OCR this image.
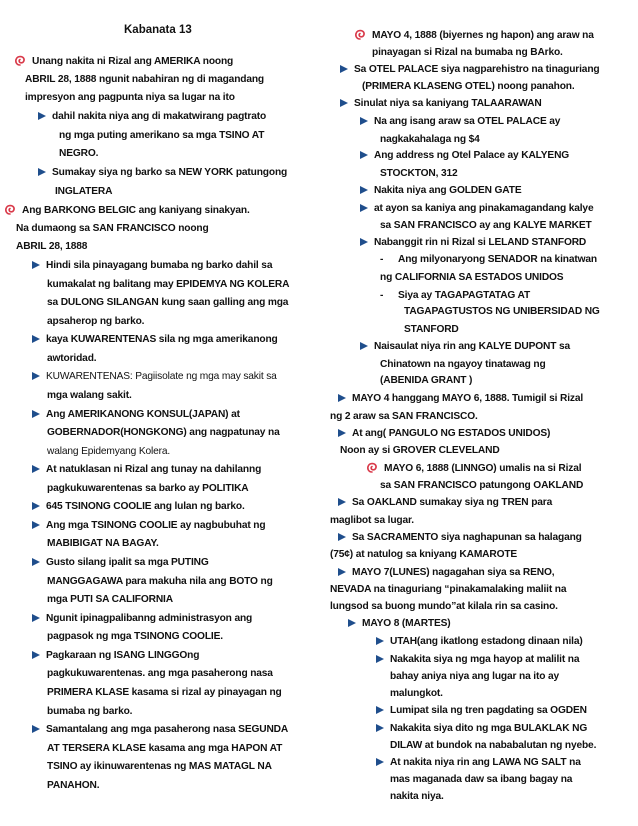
Kabanata 13
Unang nakita ni Rizal ang AMERIKA noong
ABRIL 28, 1888 ngunit nabahiran ng di magandang
impresyon ang pagpunta niya sa lugar na ito
dahil nakita niya ang di makatwirang pagtrato
ng mga puting amerikano sa mga TSINO AT
NEGRO.
Sumakay siya ng barko sa NEW YORK patungong
INGLATERA
Ang BARKONG BELGIC ang kaniyang sinakyan.
Na dumaong sa SAN FRANCISCO noong
ABRIL 28, 1888
Hindi sila pinayagang bumaba ng barko dahil sa
kumakalat ng balitang may EPIDEMYA NG KOLERA
sa DULONG SILANGAN kung saan galling ang mga
apsaherop ng barko.
kaya KUWARENTENAS sila ng mga amerikanong
awtoridad.
KUWARENTENAS: Pagiisolate ng mga may sakit sa
mga walang sakit.
Ang AMERIKANONG KONSUL(JAPAN) at
GOBERNADOR(HONGKONG) ang nagpatunay na
walang Epidemyang Kolera.
At natuklasan ni Rizal ang tunay na dahilanng
pagkukuwarentenas sa barko ay POLITIKA
645 TSINONG COOLIE ang lulan ng barko.
Ang mga TSINONG COOLIE ay nagbubuhat ng
MABIBIGAT NA BAGAY.
Gusto silang ipalit sa mga PUTING
MANGGAGAWA para makuha nila ang BOTO ng
mga PUTI SA CALIFORNIA
Ngunit ipinagpalibanng administrasyon ang
pagpasok ng mga TSINONG COOLIE.
Pagkaraan ng ISANG LINGGOng
pagkukuwarentenas. ang mga pasaherong nasa
PRIMERA KLASE kasama si rizal ay pinayagan ng
bumaba ng barko.
Samantalang ang mga pasaherong nasa SEGUNDA
AT TERSERA KLASE kasama ang mga HAPON AT
TSINO ay ikinuwarentenas ng MAS MATAGL NA
PANAHON.
MAYO 4, 1888 (biyernes ng hapon) ang araw na
pinayagan si Rizal na bumaba ng BArko.
Sa OTEL PALACE siya nagparehistro na tinaguriang
(PRIMERA KLASENG OTEL) noong panahon.
Sinulat niya sa kaniyang TALAARAWAN
Na ang isang araw sa OTEL PALACE ay
nagkakahalaga ng $4
Ang address ng Otel Palace ay KALYENG
STOCKTON, 312
Nakita niya ang GOLDEN GATE
at ayon sa kaniya ang pinakamagandang kalye
sa SAN FRANCISCO ay ang KALYE MARKET
Nabanggit rin ni Rizal si LELAND STANFORD
- Ang milyonaryong SENADOR na kinatwan
ng CALIFORNIA SA ESTADOS UNIDOS
- Siya ay TAGAPAGTATAG AT
TAGAPAGTUSTOS NG UNIBERSIDAD NG
STANFORD
Naisaulat niya rin ang KALYE DUPONT sa
Chinatown na ngayoy tinatawag ng
(ABENIDA GRANT )
MAYO 4 hanggang MAYO 6, 1888. Tumigil si Rizal
ng 2 araw sa SAN FRANCISCO.
At ang( PANGULO NG ESTADOS UNIDOS)
Noon ay si GROVER CLEVELAND
MAYO 6, 1888 (LINNGO) umalis na si Rizal
sa SAN FRANCISCO patungong OAKLAND
Sa OAKLAND sumakay siya ng TREN para
maglibot sa lugar.
Sa SACRAMENTO siya naghapunan sa halagang
(75¢) at natulog sa kniyang KAMAROTE
MAYO 7(LUNES) nagagahan siya sa RENO,
NEVADA na tinaguriang “pinakamalaking maliit na
lungsod sa buong mundo”at kilala rin sa casino.
MAYO 8 (MARTES)
UTAH(ang ikatlong estadong dinaan nila)
Nakakita siya ng mga hayop at malilit na
bahay aniya niya ang lugar na ito ay
malungkot.
Lumipat sila ng tren pagdating sa OGDEN
Nakakita siya dito ng mga BULAKLAK NG
DILAW at bundok na nababalutan ng nyebe.
At nakita niya rin ang LAWA NG SALT na
mas maganada daw sa ibang bagay na
nakita niya.
